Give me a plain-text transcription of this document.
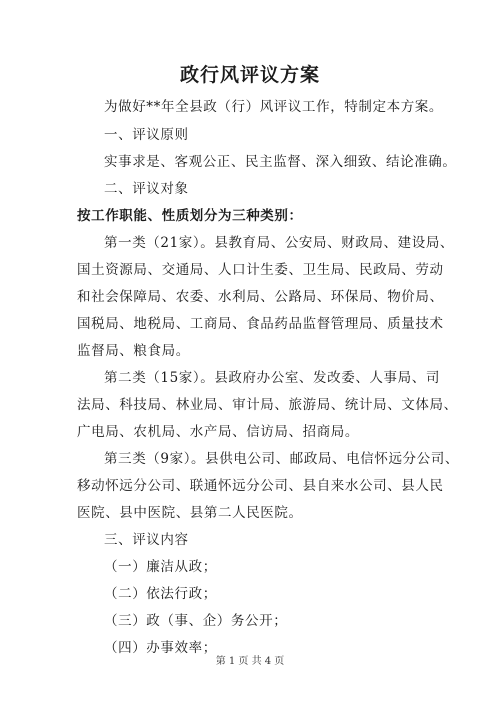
政行风评议方案
为做好**年全县政（行）风评议工作，特制定本方案。
一、评议原则
实事求是、客观公正、民主监督、深入细致、结论准确。
二、评议对象
按工作职能、性质划分为三种类别：
第一类（21家）。县教育局、公安局、财政局、建设局、
国土资源局、交通局、人口计生委、卫生局、民政局、劳动
和社会保障局、农委、水利局、公路局、环保局、物价局、
国税局、地税局、工商局、食品药品监督管理局、质量技术
监督局、粮食局。
第二类（15家）。县政府办公室、发改委、人事局、司
法局、科技局、林业局、审计局、旅游局、统计局、文体局、
广电局、农机局、水产局、信访局、招商局。
第三类（9家）。县供电公司、邮政局、电信怀远分公司、
移动怀远分公司、联通怀远分公司、县自来水公司、县人民
医院、县中医院、县第二人民医院。
三、评议内容
（一）廉洁从政；
（二）依法行政；
（三）政（事、企）务公开；
（四）办事效率；
第 1 页 共 4 页
